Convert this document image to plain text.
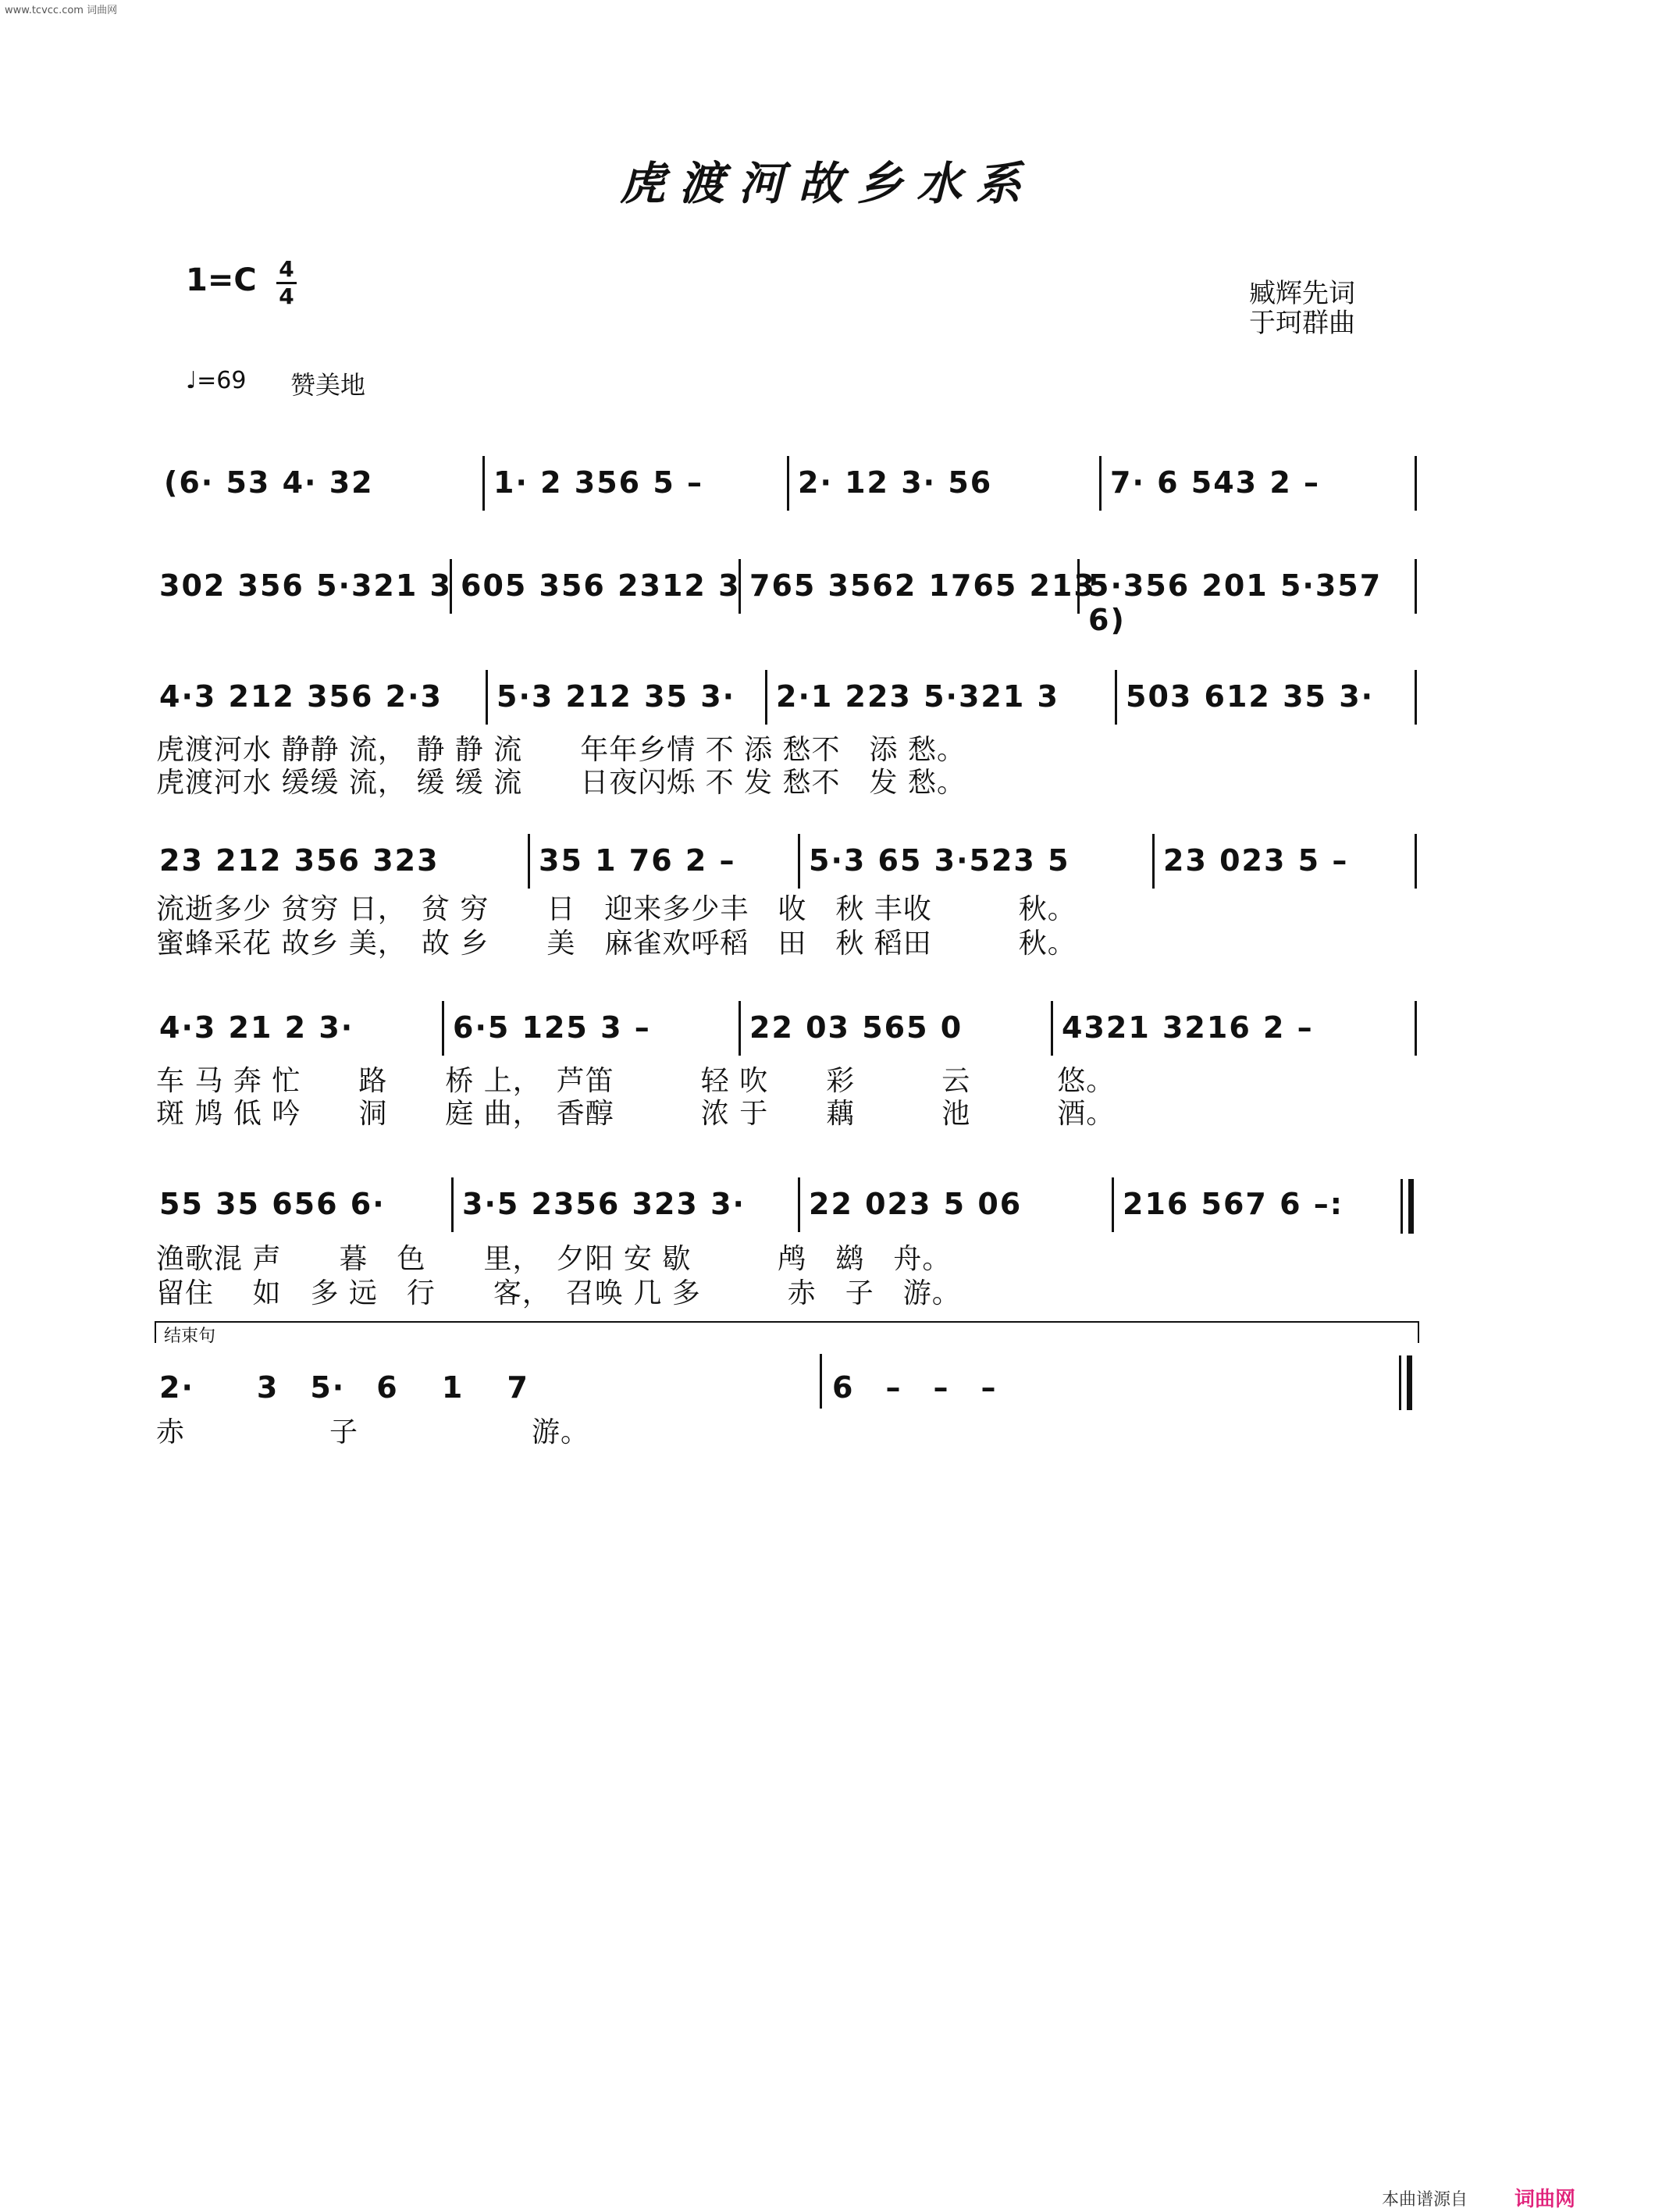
www.tcvcc.com 词曲网
虎渡河故乡水系
1=C 4
4	臧辉先词
于珂群曲
♩=69 赞美地
(6· 53 4· 32	1· 2 356 5 –	2· 12 3· 56	7· 6 543 2 –
302 356 5·321 3 605 356 2312 3 765 3562 1765 213
5·356 201 5·357 6)
4·3 212 356 2·3	5·3 212 35 3·	2·1 223 5·321 3	503 612 35 3·
虎渡河水 静静 流， 静 静 流　　年年乡情 不 添 愁不　添 愁。
虎渡河水 缓缓 流， 缓 缓 流　　日夜闪烁 不 发 愁不　发 愁。
23 212 356 323	35 1 76 2 –	5·3 65 3·523 5	23 023 5 –
流逝多少 贫穷 日，　贫 穷　　日　迎来多少丰　收　秋 丰收　　　秋。
蜜蜂采花 故乡 美，　故 乡　　美　麻雀欢呼稻　田　秋 稻田　　　秋。
4·3 21 2 3·	6·5 125 3 –	22 03 565 0	4321 3216 2 –
车 马 奔 忙　　路　　桥 上，　芦笛　　　轻 吹　　彩　　　云　　　悠。
斑 鸠 低 吟　　洞　　庭 曲，　香醇　　　浓 于　　藕　　　池　　　酒。
55 35 656 6·	3·5 2356 323 3·	22 023 5 06	216 567 6 –:
渔歌混 声　　暮　色　　里，　夕阳 安 歇　　　鸬　鹚　舟。
留住　 如　多 远　行　　客，　召唤 几 多　　　赤　子　游。
结束句
2·　　3　5·　6 1 7	6　–　–　–
赤　　　　　子　　　　　　游。
本曲谱源自 词曲网
